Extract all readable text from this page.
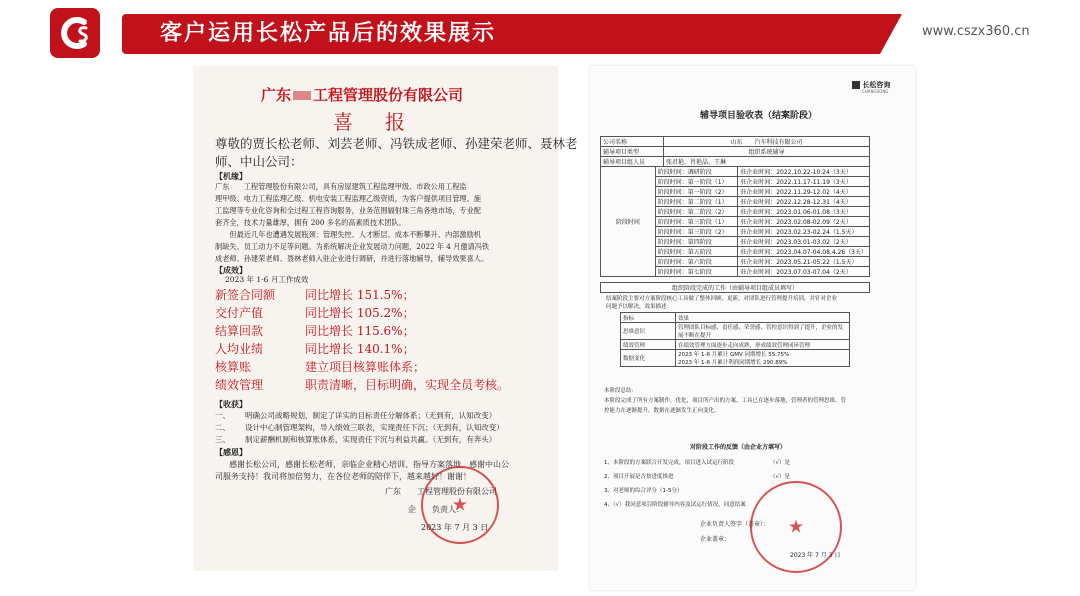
客户运用长松产品后的效果展示	www.cszx360.cn
广东 工程管理股份有限公司
喜　报
尊敬的贾长松老师、刘芸老师、冯铁成老师、孙建荣老师、聂林老
师、中山公司：
【机缘】
广东　　工程管理股份有限公司，具有房屋建筑工程监理甲级、市政公用工程监
理甲级、电力工程监理乙级、机电安装工程监理乙级资质，为客户提供项目管理、施
工监理等专业化咨询和全过程工程咨询服务，业务范围辐射珠三角各地市场，专业配
套齐全，技术力量雄厚，拥有 200 多名的高素质技术团队。
　　但最近几年也遭遇发展瓶颈：管理失控、人才断层、成本不断攀升、内部激励机
制缺失、员工动力不足等问题。为系统解决企业发展动力问题，2022 年 4 月邀请冯铁
成老师、孙建荣老师、聂林老师入驻企业进行调研，并进行落地辅导，辅导效果喜人。
【成效】
2023 年 1-6 月工作成效
新签合同额 同比增长 151.5%；
交付产值	同比增长 105.2%；
结算回款	同比增长 115.6%；
人均业绩	同比增长 140.1%；
核算账	建立项目核算账体系；
绩效管理	职责清晰，目标明确，实现全员考核。
【收获】
一、 明确公司战略规划，制定了详实的目标责任分解体系；（无到有，认知改变）
二、 设计中心制管理架构，导入绩效三联表，实现责任下沉；（无到有，认知改变）
三、 制定薪酬机制和核算账体系，实现责任下沉与利益共赢。（无到有，有奔头）
【感恩】
感谢长松公司，感谢长松老师，亲临企业精心培训、指导方案落地，感谢中山公
司服务支持！我司将加倍努力，在各位老师的陪伴下，越来越好！谢谢！
广东　　工程管理股份有限公司
企　　负责人：
2023 年 7 月 3 日
★
长松咨询
CHANGSONG
辅导项目验收表（结案阶段）
公司名称	山东　　汽车科技有限公司
辅导项目类型	组织系统辅导
辅导项目组人员	张君艳、肖艳晶、王琳
阶段时间	阶段时间：调研阶段	驻企业时间：2022.10.22-10.24（3天）
	阶段时间：第一阶段（1）	驻企业时间：2022.11.17-11.19（3天）
	阶段时间：第一阶段（2）	驻企业时间：2022.11.29-12.02（4天）
	阶段时间：第二阶段（1）	驻企业时间：2022.12.28-12.31（4天）
	阶段时间：第二阶段（2）	驻企业时间：2023.01.06-01.08（3天）
	阶段时间：第三阶段（1）	驻企业时间：2023.02.08-02.09（2天）
	阶段时间：第三阶段（2）	驻企业时间：2023.02.23-02.24（1.5天）
	阶段时间：第四阶段	驻企业时间：2023.03.01-03.02（2天）
	阶段时间：第五阶段	驻企业时间：2023.04.07-04.08.4.26（3天）
	阶段时间：第六阶段	驻企业时间：2023.05.21-05.22（1.5天）
	阶段时间：第七阶段	驻企业时间：2023.07.03-07.04（2天）
组织阶段完成的工作（由辅导项目组成员填写）
结案阶段主要对方案阶段核心工具做了整体回顾、更新，对团队进行管理提升培训，并针对企业
问题予以解决，效果描述：
指标	效果
思维意识	管理团队目标感、责任感、荣誉感、管控意识得到了提升，企业的发
展不断在提升

绩效管理	在绩效管理方面逐步走向成熟，形成绩效管理闭环管理

数据变化	2023 年 1-6 月累计 GMV 同期增长 55.75%
2023 年 1-6 月累计利润同期增长 290.89%
本阶段总结：
本阶段完成了所有方案制作，优化，项目所产出的方案、工具已在逐步落地，管理者的管理思维、管
控能力在逐渐提升，数据在逐渐发生正向变化。
对阶段工作的反馈（由企业方填写）
1、本阶段的方案联合开发完成，项目进入试运行阶段	（√）是
2、项目开展是否按进度推进	（√）是
3、对老师的综合评分（1-5分）
4、（√）我同意项目阶段辅导内容及试运行情况，同意结案
企业负责人签字（盖章）：
企业盖章：
2023 年 7 月 3 日
★
